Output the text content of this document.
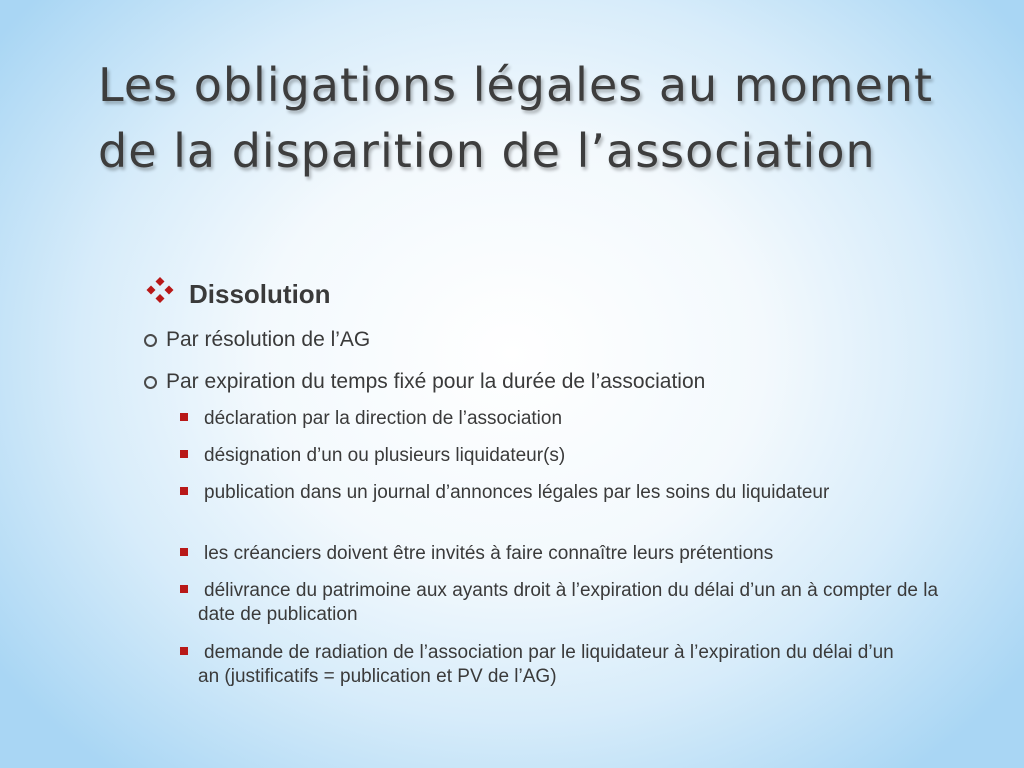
Les obligations légales au moment de la disparition de l’association
Dissolution
Par résolution de l’AG
Par expiration du temps fixé pour la durée de l’association
déclaration par la direction de l’association
désignation d’un ou plusieurs liquidateur(s)
publication dans un journal d’annonces légales par les soins du liquidateur
les créanciers doivent être invités à faire connaître leurs prétentions
délivrance du patrimoine aux ayants droit à l’expiration du délai d’un an à compter de la date de publication
demande de radiation de l’association par le liquidateur à l’expiration du délai d’un an (justificatifs = publication et PV de l’AG)
